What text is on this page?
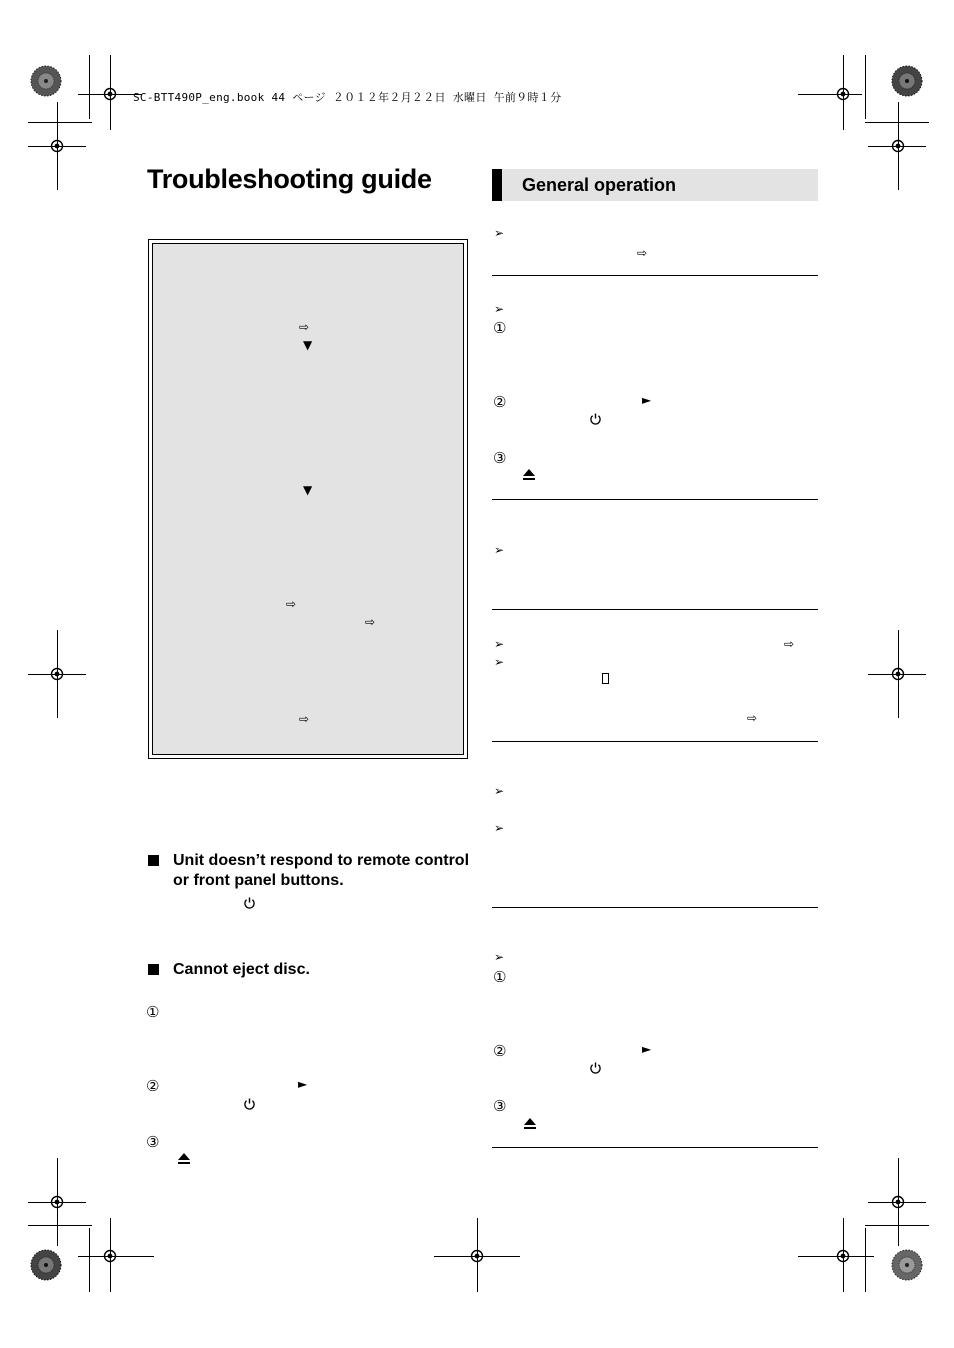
SC-BTT490P_eng.book 44 ページ ２０１２年２月２２日 水曜日 午前９時１分
Troubleshooting guide	General operation
⇨
▼
▼
⇨
⇨
⇨
Unit doesn’t respond to remote control or front panel buttons.
Cannot eject disc.
①
②	►
③
➢
⇨
➢
①
②	►
③
➢
➢	⇨
➢
⇨
➢
➢
➢
①
②	►
③
